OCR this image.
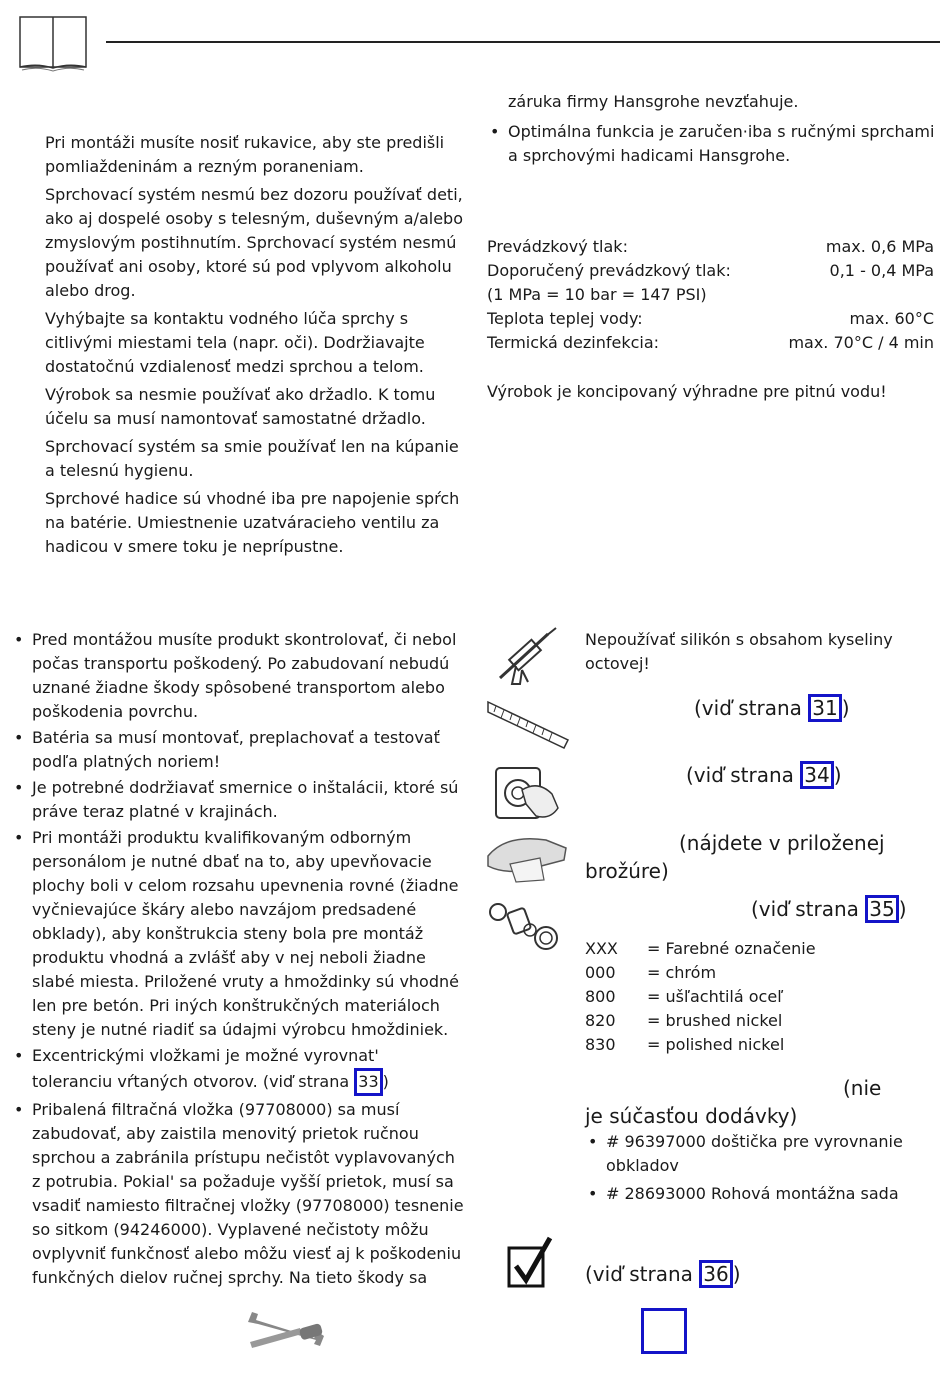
Pri montáži musíte nosiť rukavice, aby ste predišli pomliaždeninám a rezným poraneniam.

Sprchovací systém nesmú bez dozoru používať deti, ako aj dospelé osoby s telesným, duševným a/alebo zmyslovým postihnutím. Sprchovací systém nesmú používať ani osoby, ktoré sú pod vplyvom alkoholu alebo drog.

Vyhýbajte sa kontaktu vodného lúča sprchy s citlivými miestami tela (napr. oči). Dodržiavajte dostatočnú vzdialenosť medzi sprchou a telom.

Výrobok sa nesmie používať ako držadlo. K tomu účelu sa musí namontovať samostatné držadlo.

Sprchovací systém sa smie používať len na kúpanie a telesnú hygienu.

Sprchové hadice sú vhodné iba pre napojenie spŕch na batérie. Umiestnenie uzatváracieho ventilu za hadicou v smere toku je neprípustne.

záruka firmy Hansgrohe nevzťahuje.

• Optimálna funkcia je zaručen·iba s ručnými sprchami a sprchovými hadicami Hansgrohe.

Prevádzkový tlak:	max. 0,6 MPa
Doporučený prevádzkový tlak:	0,1 - 0,4 MPa
(1 MPa = 10 bar = 147 PSI)
Teplota teplej vody:	max. 60°C
Termická dezinfekcia:	max. 70°C / 4 min

Výrobok je koncipovaný výhradne pre pitnú vodu!

• Pred montážou musíte produkt skontrolovať, či nebol počas transportu poškodený. Po zabudovaní nebudú uznané žiadne škody spôsobené transportom alebo poškodenia povrchu.

• Batéria sa musí montovať, preplachovať a testovať podľa platných noriem!

• Je potrebné dodržiavať smernice o inštalácii, ktoré sú práve teraz platné v krajinách.

• Pri montáži produktu kvalifikovaným odborným personálom je nutné dbať na to, aby upevňovacie plochy boli v celom rozsahu upevnenia rovné (žiadne vyčnievajúce škáry alebo navzájom predsadené obklady), aby konštrukcia steny bola pre montáž produktu vhodná a zvlášť aby v nej neboli žiadne slabé miesta. Priložené vruty a hmoždinky sú vhodné len pre betón. Pri iných konštrukčných materiáloch steny je nutné riadiť sa údajmi výrobcu hmoždiniek.

• Excentrickými vložkami je možné vyrovnat' toleranciu vŕtaných otvorov. (viď strana 33 )

• Pribalená filtračná vložka (97708000) sa musí zabudovať, aby zaistila menovitý prietok ručnou sprchou a zabránila prístupu nečistôt vyplavovaných z potrubia. Pokial' sa požaduje vyšší prietok, musí sa vsadiť namiesto filtračnej vložky (97708000) tesnenie so sitkom (94246000). Vyplavené nečistoty môžu ovplyvniť funkčnosť alebo môžu viesť aj k poškodeniu funkčných dielov ručnej sprchy. Na tieto škody sa

Nepoužívať silikón s obsahom kyseliny octovej!

(viď strana 31 )
(viď strana 34 )
(nájdete v priloženej brožúre)
(viď strana 35 )
XXX	= Farebné označenie
000	= chróm
800	= ušľachtilá oceľ
820	= brushed nickel
830	= polished nickel
(nie je súčasťou dodávky)

• # 96397000 doštička pre vyrovnanie obkladov

• # 28693000 Rohová montážna sada

(viď strana 36 )
